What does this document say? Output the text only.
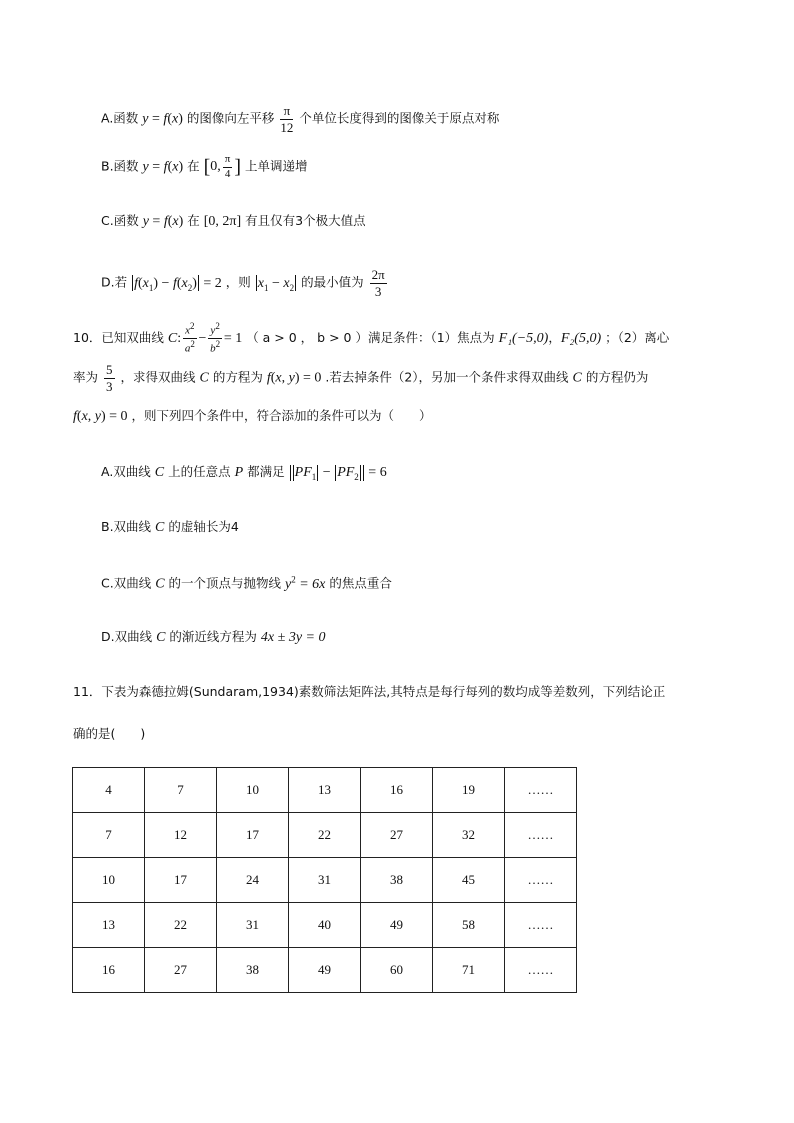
A.函数 y = f(x) 的图像向左平移 $\frac{\pi}{12}$ 个单位长度得到的图像关于原点对称
B.函数 y = f(x) 在 [0, $\frac{\pi}{4}$ ] 上单调递增
C.函数 y = f(x) 在 [0, 2π] 有且仅有3个极大值点
D.若 $f(x_1) - f(x_2) = 2$ ，则 $x_1 - x_2$ 的最小值为 $\frac{2\pi}{3}$
10．已知双曲线 C: $\frac{x^2}{a^2} - \frac{y^2}{b^2} = 1$ （ a > 0 ， b > 0 ）满足条件：（1）焦点为 F₁(−5,0)，F₂(5,0) ；（2）离心
率为 $\frac{5}{3}$ ，求得双曲线 C 的方程为 f(x, y) = 0 .若去掉条件（2），另加一个条件求得双曲线 C 的方程仍为
f(x, y) = 0 ，则下列四个条件中，符合添加的条件可以为（　　）
A.双曲线 C 上的任意点 P 都满足 $PF_1 - PF_2 = 6$
B.双曲线 C 的虚轴长为4
C.双曲线 C 的一个顶点与抛物线 $y^2 = 6x$ 的焦点重合
D.双曲线 C 的渐近线方程为 4x ± 3y = 0
11．下表为森德拉姆(Sundaram,1934)素数筛法矩阵法,其特点是每行每列的数均成等差数列，下列结论正
确的是(　　)
4	7	10	13	16	19	……
7	12	17	22	27	32	……
10	17	24	31	38	45	……
13	22	31	40	49	58	……
16	27	38	49	60	71	……
